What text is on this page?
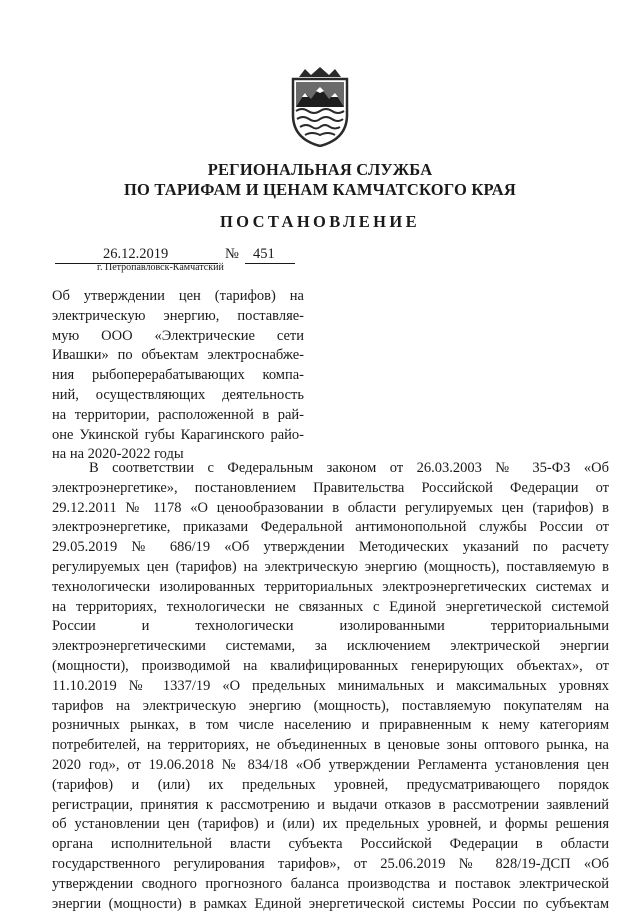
РЕГИОНАЛЬНАЯ СЛУЖБА
ПО ТАРИФАМ И ЦЕНАМ КАМЧАТСКОГО КРАЯ
ПОСТАНОВЛЕНИЕ
26.12.2019	№ 451
г. Петропавловск-Камчатский
Об утверждении цен (тарифов) на
электрическую энергию, поставляе-
мую ООО «Электрические сети
Ивашки» по объектам электроснабже-
ния рыбоперерабатывающих компа-
ний, осуществляющих деятельность
на территории, расположенной в рай-
оне Укинской губы Карагинского райо-
на на 2020-2022 годы
В соответствии с Федеральным законом от 26.03.2003 № 35-ФЗ «Об
электроэнергетике», постановлением Правительства Российской Федерации от
29.12.2011 № 1178 «О ценообразовании в области регулируемых цен (тарифов) в
электроэнергетике, приказами Федеральной антимонопольной службы России от
29.05.2019 № 686/19 «Об утверждении Методических указаний по расчету
регулируемых цен (тарифов) на электрическую энергию (мощность), поставляемую в
технологически изолированных территориальных электроэнергетических системах и
на территориях, технологически не связанных с Единой энергетической системой
России и технологически изолированными территориальными
электроэнергетическими системами, за исключением электрической энергии
(мощности), производимой на квалифицированных генерирующих объектах», от
11.10.2019 № 1337/19 «О предельных минимальных и максимальных уровнях
тарифов на электрическую энергию (мощность), поставляемую покупателям на
розничных рынках, в том числе населению и приравненным к нему категориям
потребителей, на территориях, не объединенных в ценовые зоны оптового рынка, на
2020 год», от 19.06.2018 № 834/18 «Об утверждении Регламента установления цен
(тарифов) и (или) их предельных уровней, предусматривающего порядок
регистрации, принятия к рассмотрению и выдачи отказов в рассмотрении заявлений
об установлении цен (тарифов) и (или) их предельных уровней, и формы решения
органа исполнительной власти субъекта Российской Федерации в области
государственного регулирования тарифов», от 25.06.2019 № 828/19-ДСП «Об
утверждении сводного прогнозного баланса производства и поставок электрической
энергии (мощности) в рамках Единой энергетической системы России по субъектам
